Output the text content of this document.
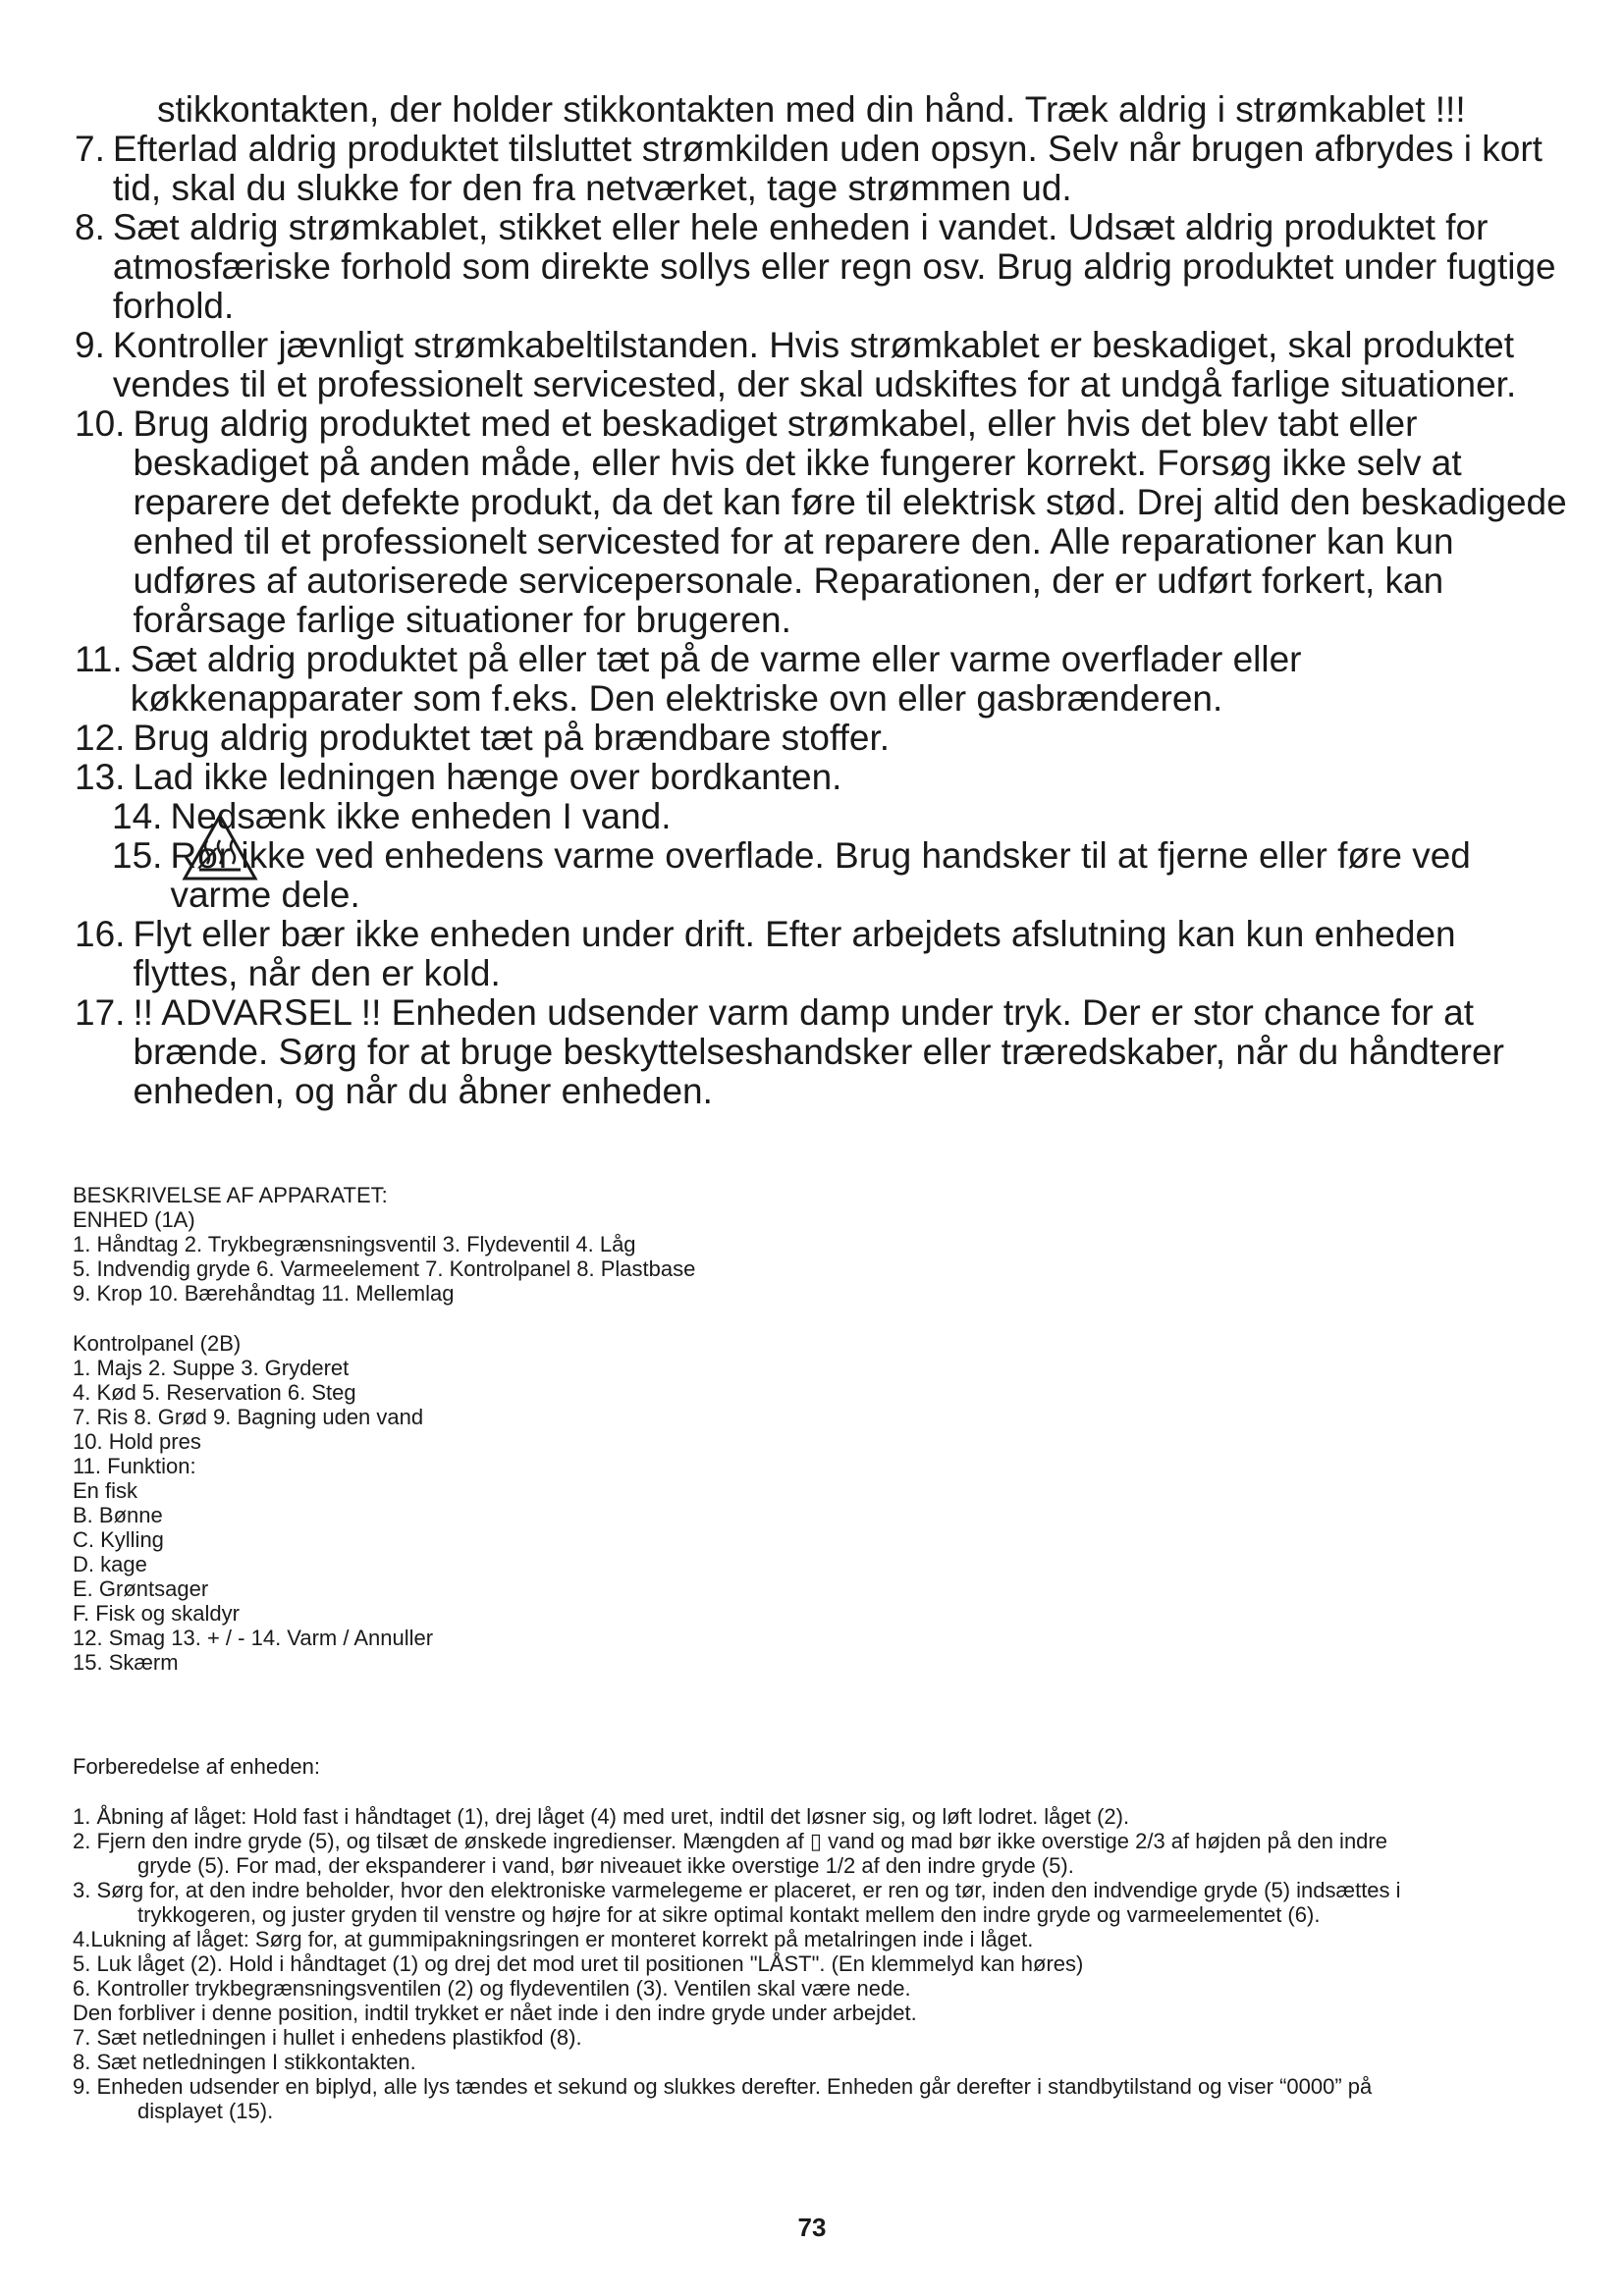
stikkontakten, der holder stikkontakten med din hånd. Træk aldrig i strømkablet !!!
7. Efterlad aldrig produktet tilsluttet strømkilden uden opsyn. Selv når brugen afbrydes i kort tid, skal du slukke for den fra netværket, tage strømmen ud.
8. Sæt aldrig strømkablet, stikket eller hele enheden i vandet. Udsæt aldrig produktet for atmosfæriske forhold som direkte sollys eller regn osv. Brug aldrig produktet under fugtige forhold.
9. Kontroller jævnligt strømkabeltilstanden. Hvis strømkablet er beskadiget, skal produktet vendes til et professionelt servicested, der skal udskiftes for at undgå farlige situationer.
10. Brug aldrig produktet med et beskadiget strømkabel, eller hvis det blev tabt eller beskadiget på anden måde, eller hvis det ikke fungerer korrekt. Forsøg ikke selv at reparere det defekte produkt, da det kan føre til elektrisk stød. Drej altid den beskadigede enhed til et professionelt servicested for at reparere den. Alle reparationer kan kun udføres af autoriserede servicepersonale. Reparationen, der er udført forkert, kan forårsage farlige situationer for brugeren.
11. Sæt aldrig produktet på eller tæt på de varme eller varme overflader eller køkkenapparater som f.eks. Den elektriske ovn eller gasbrænderen.
12. Brug aldrig produktet tæt på brændbare stoffer.
13. Lad ikke ledningen hænge over bordkanten.
14. Nedsænk ikke enheden I vand.
15. Rør ikke ved enhedens varme overflade. Brug handsker til at fjerne eller føre ved varme dele.
16. Flyt eller bær ikke enheden under drift. Efter arbejdets afslutning kan kun enheden flyttes, når den er kold.
17. !! ADVARSEL !! Enheden udsender varm damp under tryk. Der er stor chance for at brænde. Sørg for at bruge beskyttelseshandsker eller træredskaber, når du håndterer enheden, og når du åbner enheden.
BESKRIVELSE AF APPARATET:
ENHED (1A)
1. Håndtag 2. Trykbegrænsningsventil 3. Flydeventil 4. Låg
5. Indvendig gryde 6. Varmeelement 7. Kontrolpanel 8. Plastbase
9. Krop 10. Bærehåndtag 11. Mellemlag
Kontrolpanel (2B)
1. Majs 2. Suppe 3. Gryderet
4. Kød 5. Reservation 6. Steg
7. Ris 8. Grød 9. Bagning uden vand
10. Hold pres
11. Funktion:
En fisk
B. Bønne
C. Kylling
D. kage
E. Grøntsager
F. Fisk og skaldyr
12. Smag 13. + / - 14. Varm / Annuller
15. Skærm
Forberedelse af enheden:
1. Åbning af låget: Hold fast i håndtaget (1), drej låget (4) med uret, indtil det løsner sig, og løft lodret. låget (2).
2. Fjern den indre gryde (5), og tilsæt de ønskede ingredienser. Mængden af ▯ vand og mad bør ikke overstige 2/3 af højden på den indre
gryde (5). For mad, der ekspanderer i vand, bør niveauet ikke overstige 1/2 af den indre gryde (5).
3. Sørg for, at den indre beholder, hvor den elektroniske varmelegeme er placeret, er ren og tør, inden den indvendige gryde (5) indsættes i
trykkogeren, og juster gryden til venstre og højre for at sikre optimal kontakt mellem den indre gryde og varmeelementet (6).
4.Lukning af låget: Sørg for, at gummipakningsringen er monteret korrekt på metalringen inde i låget.
5. Luk låget (2). Hold i håndtaget (1) og drej det mod uret til positionen "LÅST". (En klemmelyd kan høres)
6. Kontroller trykbegrænsningsventilen (2) og flydeventilen (3). Ventilen skal være nede.
Den forbliver i denne position, indtil trykket er nået inde i den indre gryde under arbejdet.
7. Sæt netledningen i hullet i enhedens plastikfod (8).
8. Sæt netledningen I stikkontakten.
9. Enheden udsender en biplyd, alle lys tændes et sekund og slukkes derefter. Enheden går derefter i standbytilstand og viser “0000” på
displayet (15).
73
